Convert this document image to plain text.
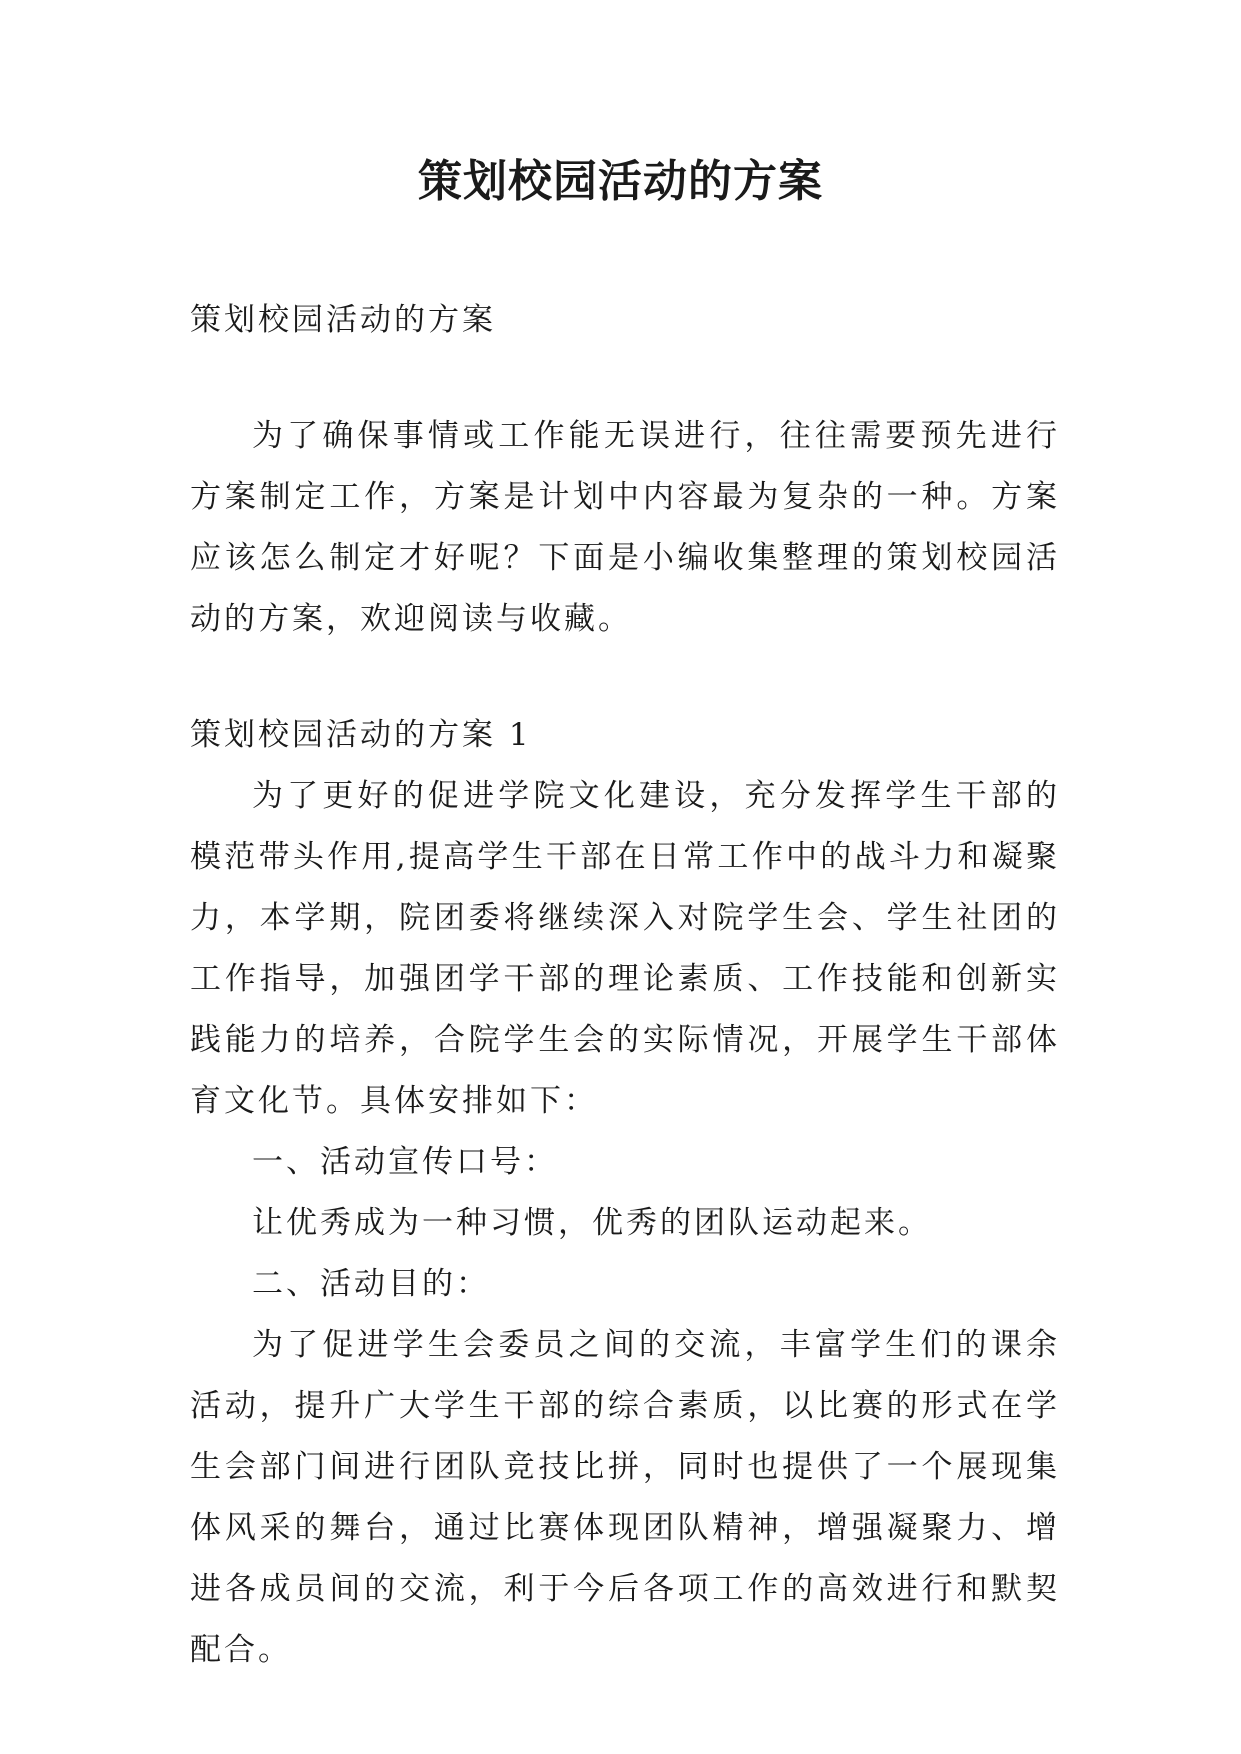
策划校园活动的方案

策划校园活动的方案

为了确保事情或工作能无误进行，往往需要预先进行方案制定工作，方案是计划中内容最为复杂的一种。方案应该怎么制定才好呢？下面是小编收集整理的策划校园活动的方案，欢迎阅读与收藏。

策划校园活动的方案 1

为了更好的促进学院文化建设，充分发挥学生干部的模范带头作用,提高学生干部在日常工作中的战斗力和凝聚力，本学期，院团委将继续深入对院学生会、学生社团的工作指导，加强团学干部的理论素质、工作技能和创新实践能力的培养，合院学生会的实际情况，开展学生干部体育文化节。具体安排如下：

一、活动宣传口号：

让优秀成为一种习惯，优秀的团队运动起来。

二、活动目的：

为了促进学生会委员之间的交流，丰富学生们的课余活动，提升广大学生干部的综合素质，以比赛的形式在学生会部门间进行团队竞技比拼，同时也提供了一个展现集体风采的舞台，通过比赛体现团队精神，增强凝聚力、增进各成员间的交流，利于今后各项工作的高效进行和默契配合。
